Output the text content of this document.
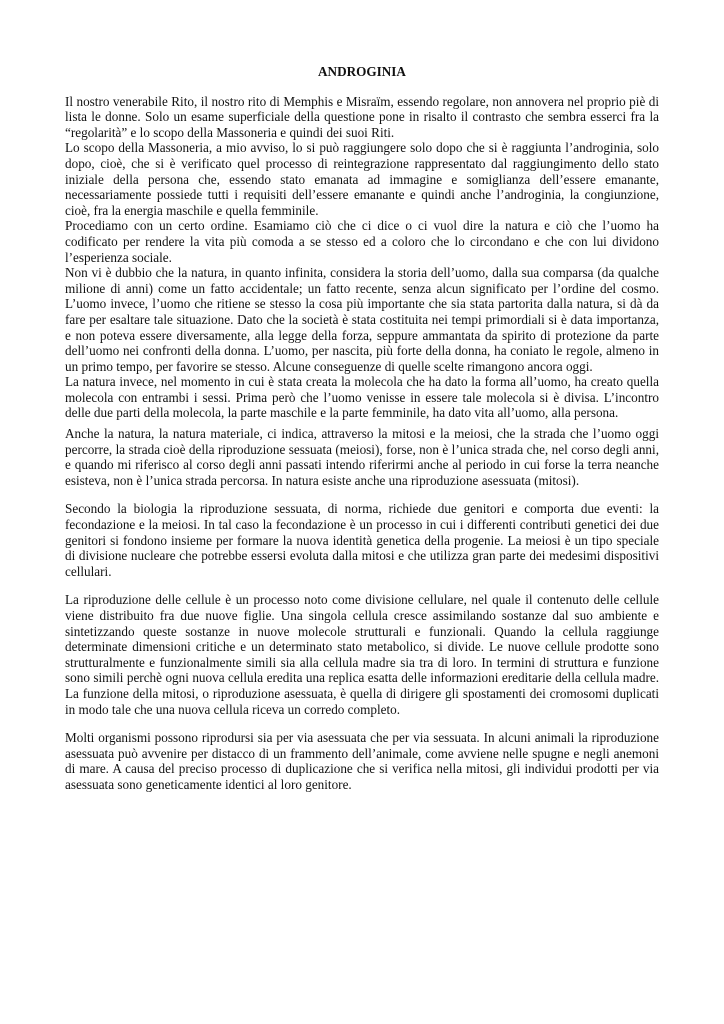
ANDROGINIA

Il nostro venerabile Rito, il nostro rito di Memphis e Misraïm, essendo regolare, non annovera nel proprio piè di lista le donne. Solo un esame superficiale della questione pone in risalto il contrasto che sembra esserci fra la “regolarità” e lo scopo della Massoneria e quindi dei suoi Riti.

Lo scopo della Massoneria, a mio avviso, lo si può raggiungere solo dopo che si è raggiunta l’androginia, solo dopo, cioè, che si è verificato quel processo di reintegrazione rappresentato dal raggiungimento dello stato iniziale della persona che, essendo stato emanata ad immagine e somiglianza dell’essere emanante, necessariamente possiede tutti i requisiti dell’essere emanante e quindi anche l’androginia, la congiunzione, cioè, fra la energia maschile e quella femminile.

Procediamo con un certo ordine. Esamiamo ciò che ci dice o ci vuol dire la natura e ciò che l’uomo ha codificato per rendere la vita più comoda a se stesso ed a coloro che lo circondano e che con lui dividono l’esperienza sociale.

Non vi è dubbio che la natura, in quanto infinita, considera la storia dell’uomo, dalla sua comparsa (da qualche milione di anni) come un fatto accidentale; un fatto recente, senza alcun significato per l’ordine del cosmo. L’uomo invece, l’uomo che ritiene se stesso la cosa più importante che sia stata partorita dalla natura, si dà da fare per esaltare tale situazione. Dato che la società è stata costituita nei tempi primordiali si è data importanza, e non poteva essere diversamente, alla legge della forza, seppure ammantata da spirito di protezione da parte dell’uomo nei confronti della donna. L’uomo, per nascita, più forte della donna, ha coniato le regole, almeno in un primo tempo, per favorire se stesso. Alcune conseguenze di quelle scelte rimangono ancora oggi.

La natura invece, nel momento in cui è stata creata la molecola che ha dato la forma all’uomo, ha creato quella molecola con entrambi i sessi. Prima però che l’uomo venisse in essere tale molecola si è divisa. L’incontro delle due parti della molecola, la parte maschile e la parte femminile, ha dato vita all’uomo, alla persona.

Anche la natura, la natura materiale, ci indica, attraverso la mitosi e la meiosi, che la strada che l’uomo oggi percorre, la strada cioè della riproduzione sessuata (meiosi), forse, non è l’unica strada che, nel corso degli anni, e quando mi riferisco al corso degli anni passati intendo riferirmi anche al periodo in cui forse la terra neanche esisteva, non è l’unica strada percorsa. In natura esiste anche una riproduzione asessuata (mitosi).

Secondo la biologia la riproduzione sessuata, di norma, richiede due genitori e comporta due eventi: la fecondazione e la meiosi. In tal caso la fecondazione è un processo in cui i differenti contributi genetici dei due genitori si fondono insieme per formare la nuova identità genetica della progenie. La meiosi è un tipo speciale di divisione nucleare che potrebbe essersi evoluta dalla mitosi e che utilizza gran parte dei medesimi dispositivi cellulari.

La riproduzione delle cellule è un processo noto come divisione cellulare, nel quale il contenuto delle cellule viene distribuito fra due nuove figlie. Una singola cellula cresce assimilando sostanze dal suo ambiente e sintetizzando queste sostanze in nuove molecole strutturali e funzionali. Quando la cellula raggiunge determinate dimensioni critiche e un determinato stato metabolico, si divide. Le nuove cellule prodotte sono strutturalmente e funzionalmente simili sia alla cellula madre sia tra di loro. In termini di struttura e funzione sono simili perchè ogni nuova cellula eredita una replica esatta delle informazioni ereditarie della cellula madre. La funzione della mitosi, o riproduzione asessuata, è quella di dirigere gli spostamenti dei cromosomi duplicati in modo tale che una nuova cellula riceva un corredo completo.

Molti organismi possono riprodursi sia per via asessuata che per via sessuata. In alcuni animali la riproduzione asessuata può avvenire per distacco di un frammento dell’animale, come avviene nelle spugne e negli anemoni di mare. A causa del preciso processo di duplicazione che si verifica nella mitosi, gli individui prodotti per via asessuata sono geneticamente identici al loro genitore.
